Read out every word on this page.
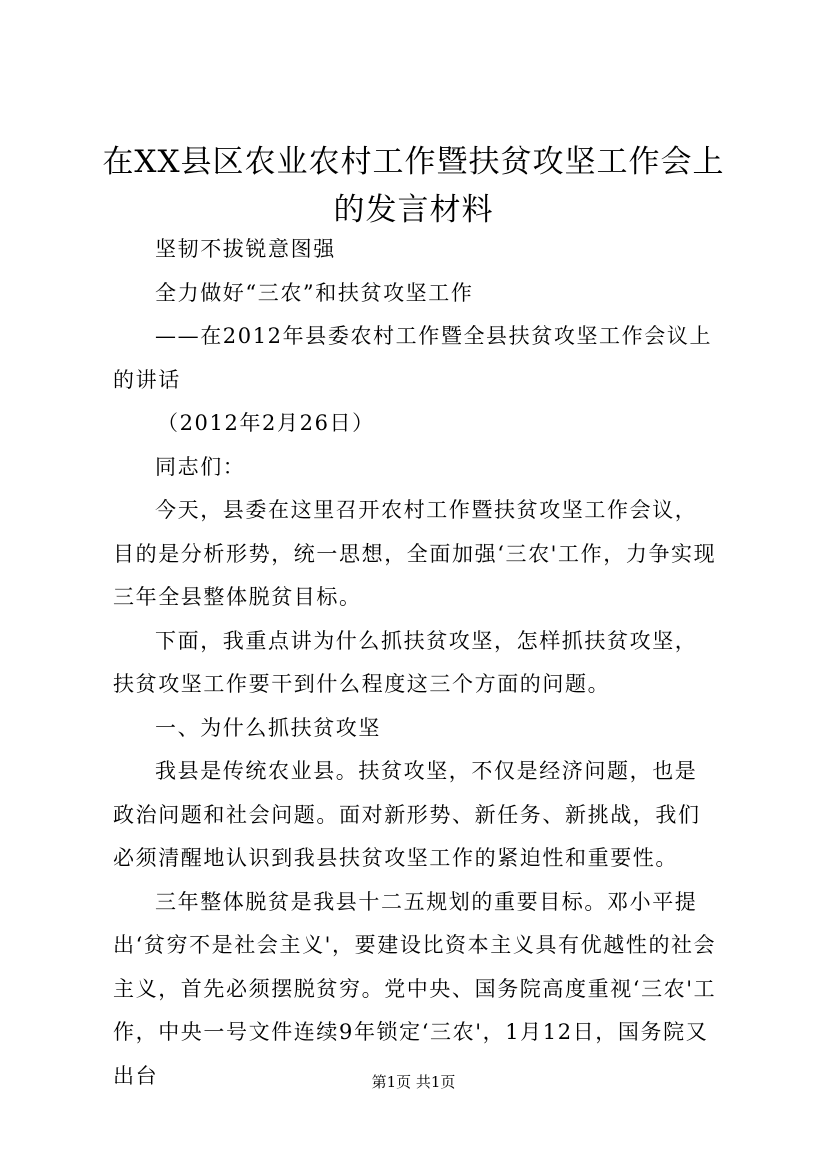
在XX县区农业农村工作暨扶贫攻坚工作会上的发言材料

坚韧不拔锐意图强

全力做好“三农”和扶贫攻坚工作

——在2012年县委农村工作暨全县扶贫攻坚工作会议上的讲话

（2012年2月26日）

同志们：

今天，县委在这里召开农村工作暨扶贫攻坚工作会议，目的是分析形势，统一思想，全面加强‘三农'工作，力争实现三年全县整体脱贫目标。

下面，我重点讲为什么抓扶贫攻坚，怎样抓扶贫攻坚，扶贫攻坚工作要干到什么程度这三个方面的问题。

一、为什么抓扶贫攻坚

我县是传统农业县。扶贫攻坚，不仅是经济问题，也是政治问题和社会问题。面对新形势、新任务、新挑战，我们必须清醒地认识到我县扶贫攻坚工作的紧迫性和重要性。

三年整体脱贫是我县十二五规划的重要目标。邓小平提出‘贫穷不是社会主义'，要建设比资本主义具有优越性的社会主义，首先必须摆脱贫穷。党中央、国务院高度重视‘三农'工作，中央一号文件连续9年锁定‘三农'，1月12日，国务院又出台	第1页 共1页
